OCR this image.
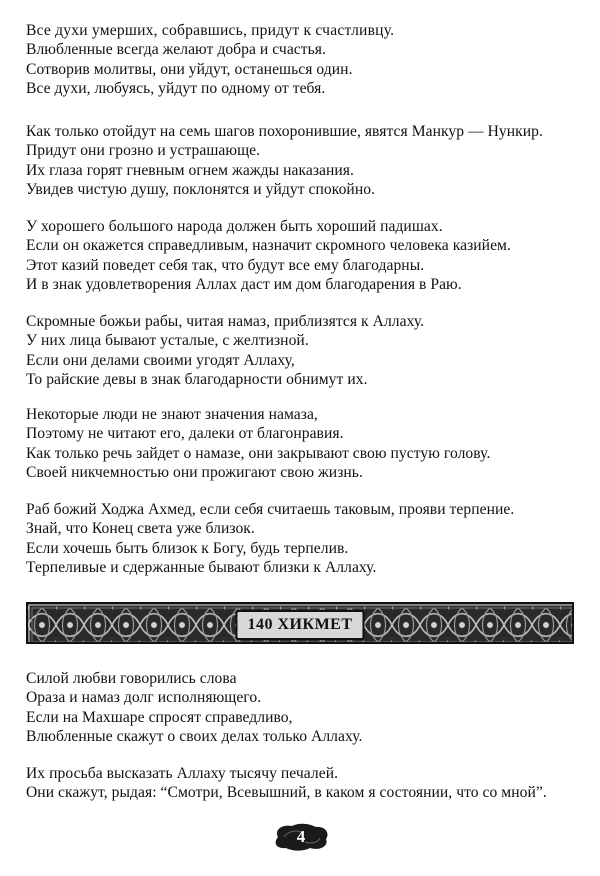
Все духи умерших, собравшись, придут к счастливцу.
Влюбленные всегда желают добра и счастья.
Сотворив молитвы, они уйдут, останешься один.
Все духи, любуясь, уйдут по одному от тебя.
Как только отойдут на семь шагов похоронившие, явятся Манкур — Нункир.
Придут они грозно и устрашающе.
Их глаза горят гневным огнем жажды наказания.
Увидев чистую душу, поклонятся и уйдут спокойно.
У хорошего большого народа должен быть хороший падишах.
Если он окажется справедливым, назначит скромного человека казийем.
Этот казий поведет себя так, что будут все ему благодарны.
И в знак удовлетворения Аллах даст им дом благодарения в Раю.
Скромные божьи рабы, читая намаз, приблизятся к Аллаху.
У них лица бывают усталые, с желтизной.
Если они делами своими угодят Аллаху,
То райские девы в знак благодарности обнимут их.
Некоторые люди не знают значения намаза,
Поэтому не читают его, далеки от благонравия.
Как только речь зайдет о намазе, они закрывают свою пустую голову.
Своей никчемностью они прожигают свою жизнь.
Раб божий Ходжа Ахмед, если себя считаешь таковым, прояви терпение.
Знай, что Конец света уже близок.
Если хочешь быть близок к Богу, будь терпелив.
Терпеливые и сдержанные бывают близки к Аллаху.
140 ХИКМЕТ
Силой любви говорились слова
Ораза и намаз долг исполняющего.
Если на Махшаре спросят справедливо,
Влюбленные скажут о своих делах только Аллаху.
Их просьба высказать Аллаху тысячу печалей.
Они скажут, рыдая: “Смотри, Всевышний, в каком я состоянии, что со мной”.
4
